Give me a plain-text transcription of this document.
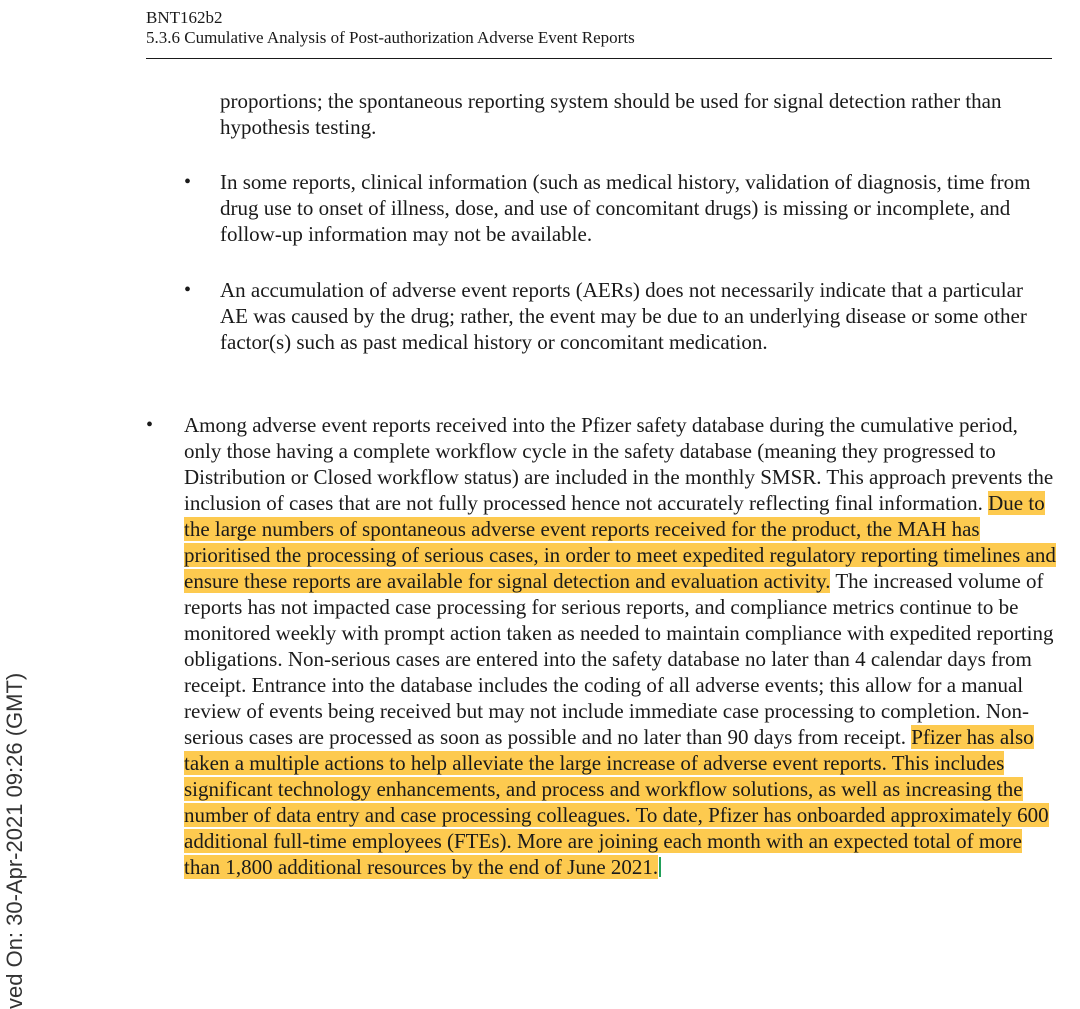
BNT162b2
5.3.6 Cumulative Analysis of Post-authorization Adverse Event Reports
ved On: 30-Apr-2021 09:26 (GMT)

proportions; the spontaneous reporting system should be used for signal detection rather than hypothesis testing.

• In some reports, clinical information (such as medical history, validation of diagnosis, time from drug use to onset of illness, dose, and use of concomitant drugs) is missing or incomplete, and follow-up information may not be available.

• An accumulation of adverse event reports (AERs) does not necessarily indicate that a particular AE was caused by the drug; rather, the event may be due to an underlying disease or some other factor(s) such as past medical history or concomitant medication.

• Among adverse event reports received into the Pfizer safety database during the cumulative period, only those having a complete workflow cycle in the safety database (meaning they progressed to Distribution or Closed workflow status) are included in the monthly SMSR. This approach prevents the inclusion of cases that are not fully processed hence not accurately reflecting final information. Due to the large numbers of spontaneous adverse event reports received for the product, the MAH has prioritised the processing of serious cases, in order to meet expedited regulatory reporting timelines and ensure these reports are available for signal detection and evaluation activity. The increased volume of reports has not impacted case processing for serious reports, and compliance metrics continue to be monitored weekly with prompt action taken as needed to maintain compliance with expedited reporting obligations. Non-serious cases are entered into the safety database no later than 4 calendar days from receipt. Entrance into the database includes the coding of all adverse events; this allow for a manual review of events being received but may not include immediate case processing to completion. Non-serious cases are processed as soon as possible and no later than 90 days from receipt. Pfizer has also taken a multiple actions to help alleviate the large increase of adverse event reports. This includes significant technology enhancements, and process and workflow solutions, as well as increasing the number of data entry and case processing colleagues. To date, Pfizer has onboarded approximately 600 additional full-time employees (FTEs). More are joining each month with an expected total of more than 1,800 additional resources by the end of June 2021.
